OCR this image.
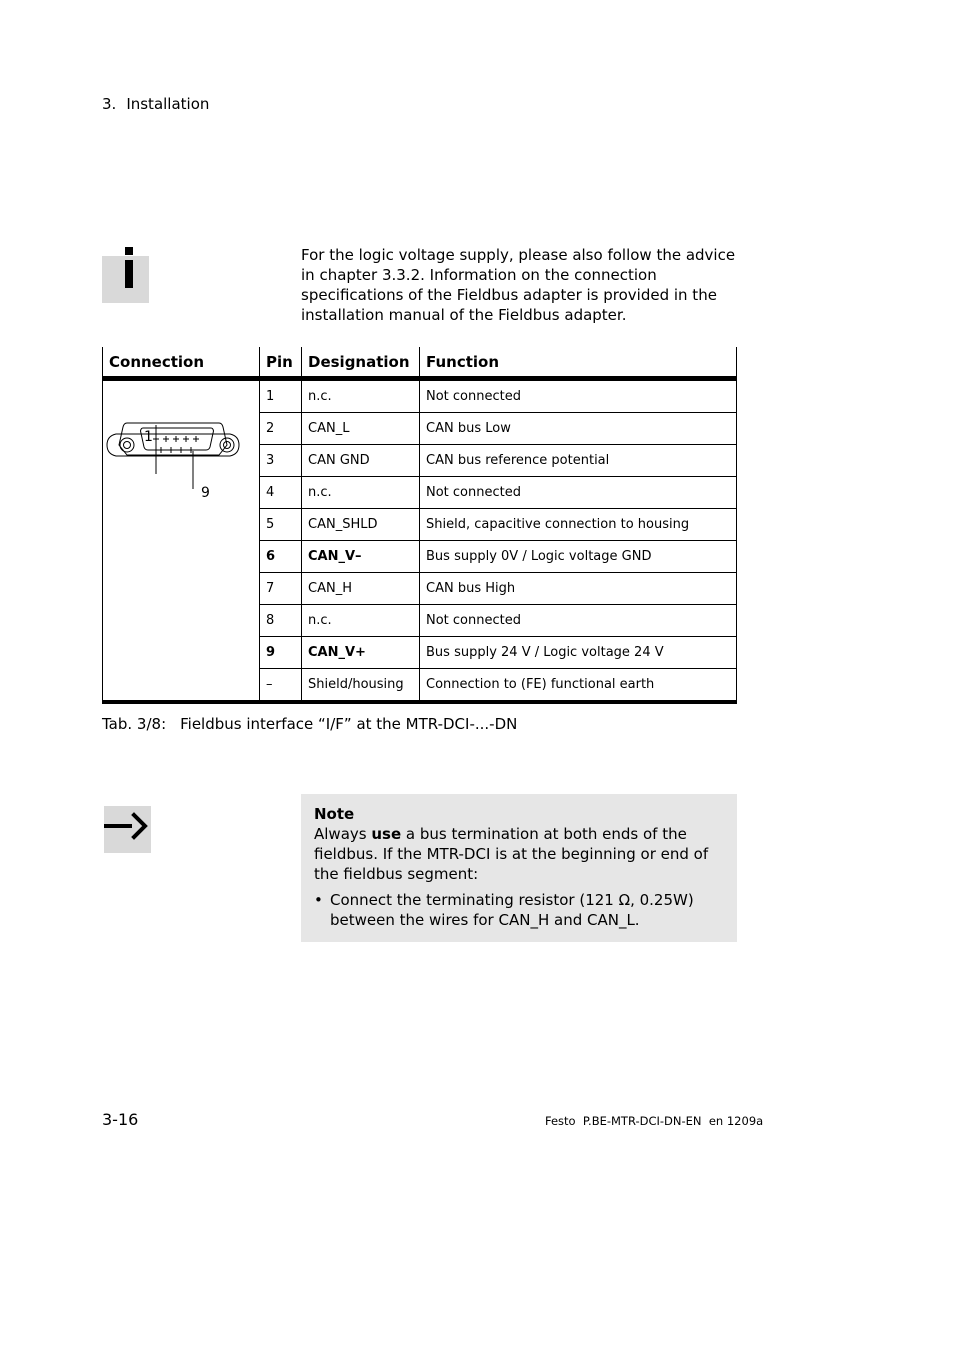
3. Installation
For the logic voltage supply, please also follow the advice in chapter 3.3.2. Information on the connection specifications of the Fieldbus adapter is provided in the installation manual of the Fieldbus adapter.
Connection	Pin	Designation	Function

1
9	1	n.c.	Not connected
	2	CAN_L	CAN bus Low
	3	CAN GND	CAN bus reference potential
	4	n.c.	Not connected
	5	CAN_SHLD	Shield, capacitive connection to housing
	6	CAN_V–	Bus supply 0V / Logic voltage GND
	7	CAN_H	CAN bus High
	8	n.c.	Not connected
	9	CAN_V+	Bus supply 24 V / Logic voltage 24 V
	–	Shield/housing	Connection to (FE) functional earth
Tab. 3/8: Fieldbus interface “I/F” at the MTR-DCI-...-DN
Note
Always use a bus termination at both ends of the fieldbus. If the MTR-DCI is at the beginning or end of the fieldbus segment:
• Connect the terminating resistor (121 Ω, 0.25W) between the wires for CAN_H and CAN_L.
3-16	Festo  P.BE-MTR-DCI-DN-EN  en 1209a
